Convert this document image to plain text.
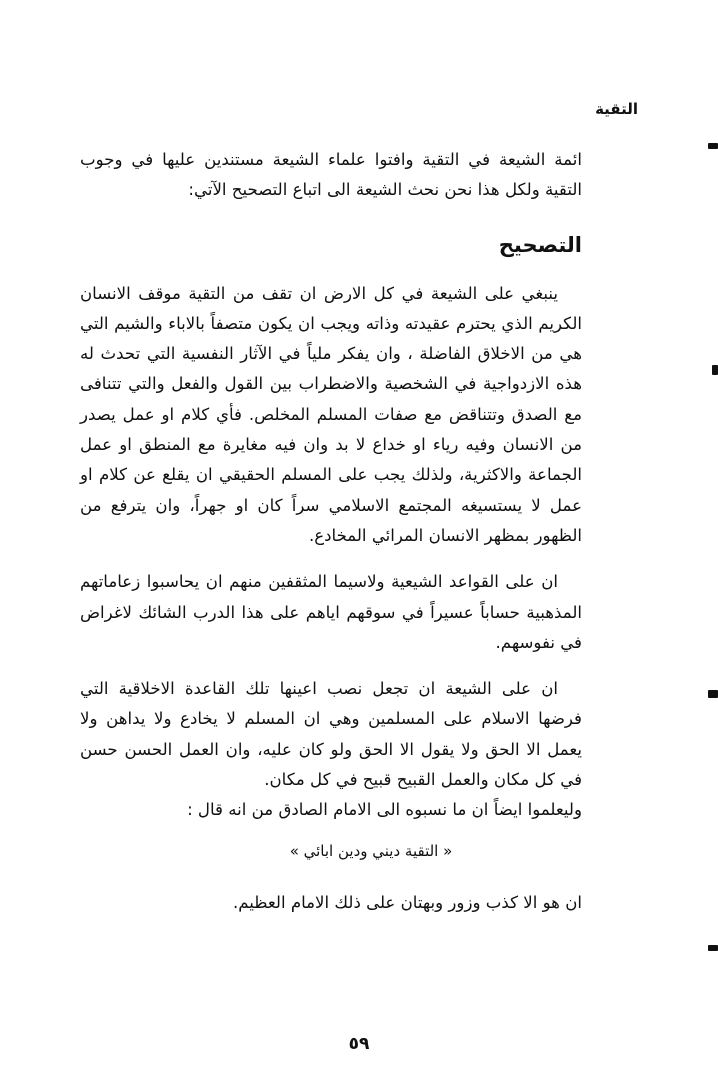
التقية

ائمة الشيعة في التقية وافتوا علماء الشيعة مستندين عليها في وجوب التقية ولكل هذا نحن نحث الشيعة الى اتباع التصحيح الآتي:

التصحيح

ينبغي على الشيعة في كل الارض ان تقف من التقية موقف الانسان الكريم الذي يحترم عقيدته وذاته ويجب ان يكون متصفاً بالاباء والشيم التي هي من الاخلاق الفاضلة ، وان يفكر ملياً في الآثار النفسية التي تحدث له هذه الازدواجية في الشخصية والاضطراب بين القول والفعل والتي تتنافى مع الصدق وتتناقض مع صفات المسلم المخلص. فأي كلام او عمل يصدر من الانسان وفيه رياء او خداع لا بد وان فيه مغايرة مع المنطق او عمل الجماعة والاكثرية، ولذلك يجب على المسلم الحقيقي ان يقلع عن كلام او عمل لا يستسيغه المجتمع الاسلامي سراً كان او جهراً، وان يترفع من الظهور بمظهر الانسان المرائي المخادع.

ان على القواعد الشيعية ولاسيما المثقفين منهم ان يحاسبوا زعاماتهم المذهبية حساباً عسيراً في سوقهم اياهم على هذا الدرب الشائك لاغراض في نفوسهم.

ان على الشيعة ان تجعل نصب اعينها تلك القاعدة الاخلاقية التي فرضها الاسلام على المسلمين وهي ان المسلم لا يخادع ولا يداهن ولا يعمل الا الحق ولا يقول الا الحق ولو كان عليه، وان العمل الحسن حسن في كل مكان والعمل القبيح قبيح في كل مكان.

وليعلموا ايضاً ان ما نسبوه الى الامام الصادق من انه قال :

« التقية ديني ودين ابائي »

ان هو الا كذب وزور وبهتان على ذلك الامام العظيم.

٥٩
